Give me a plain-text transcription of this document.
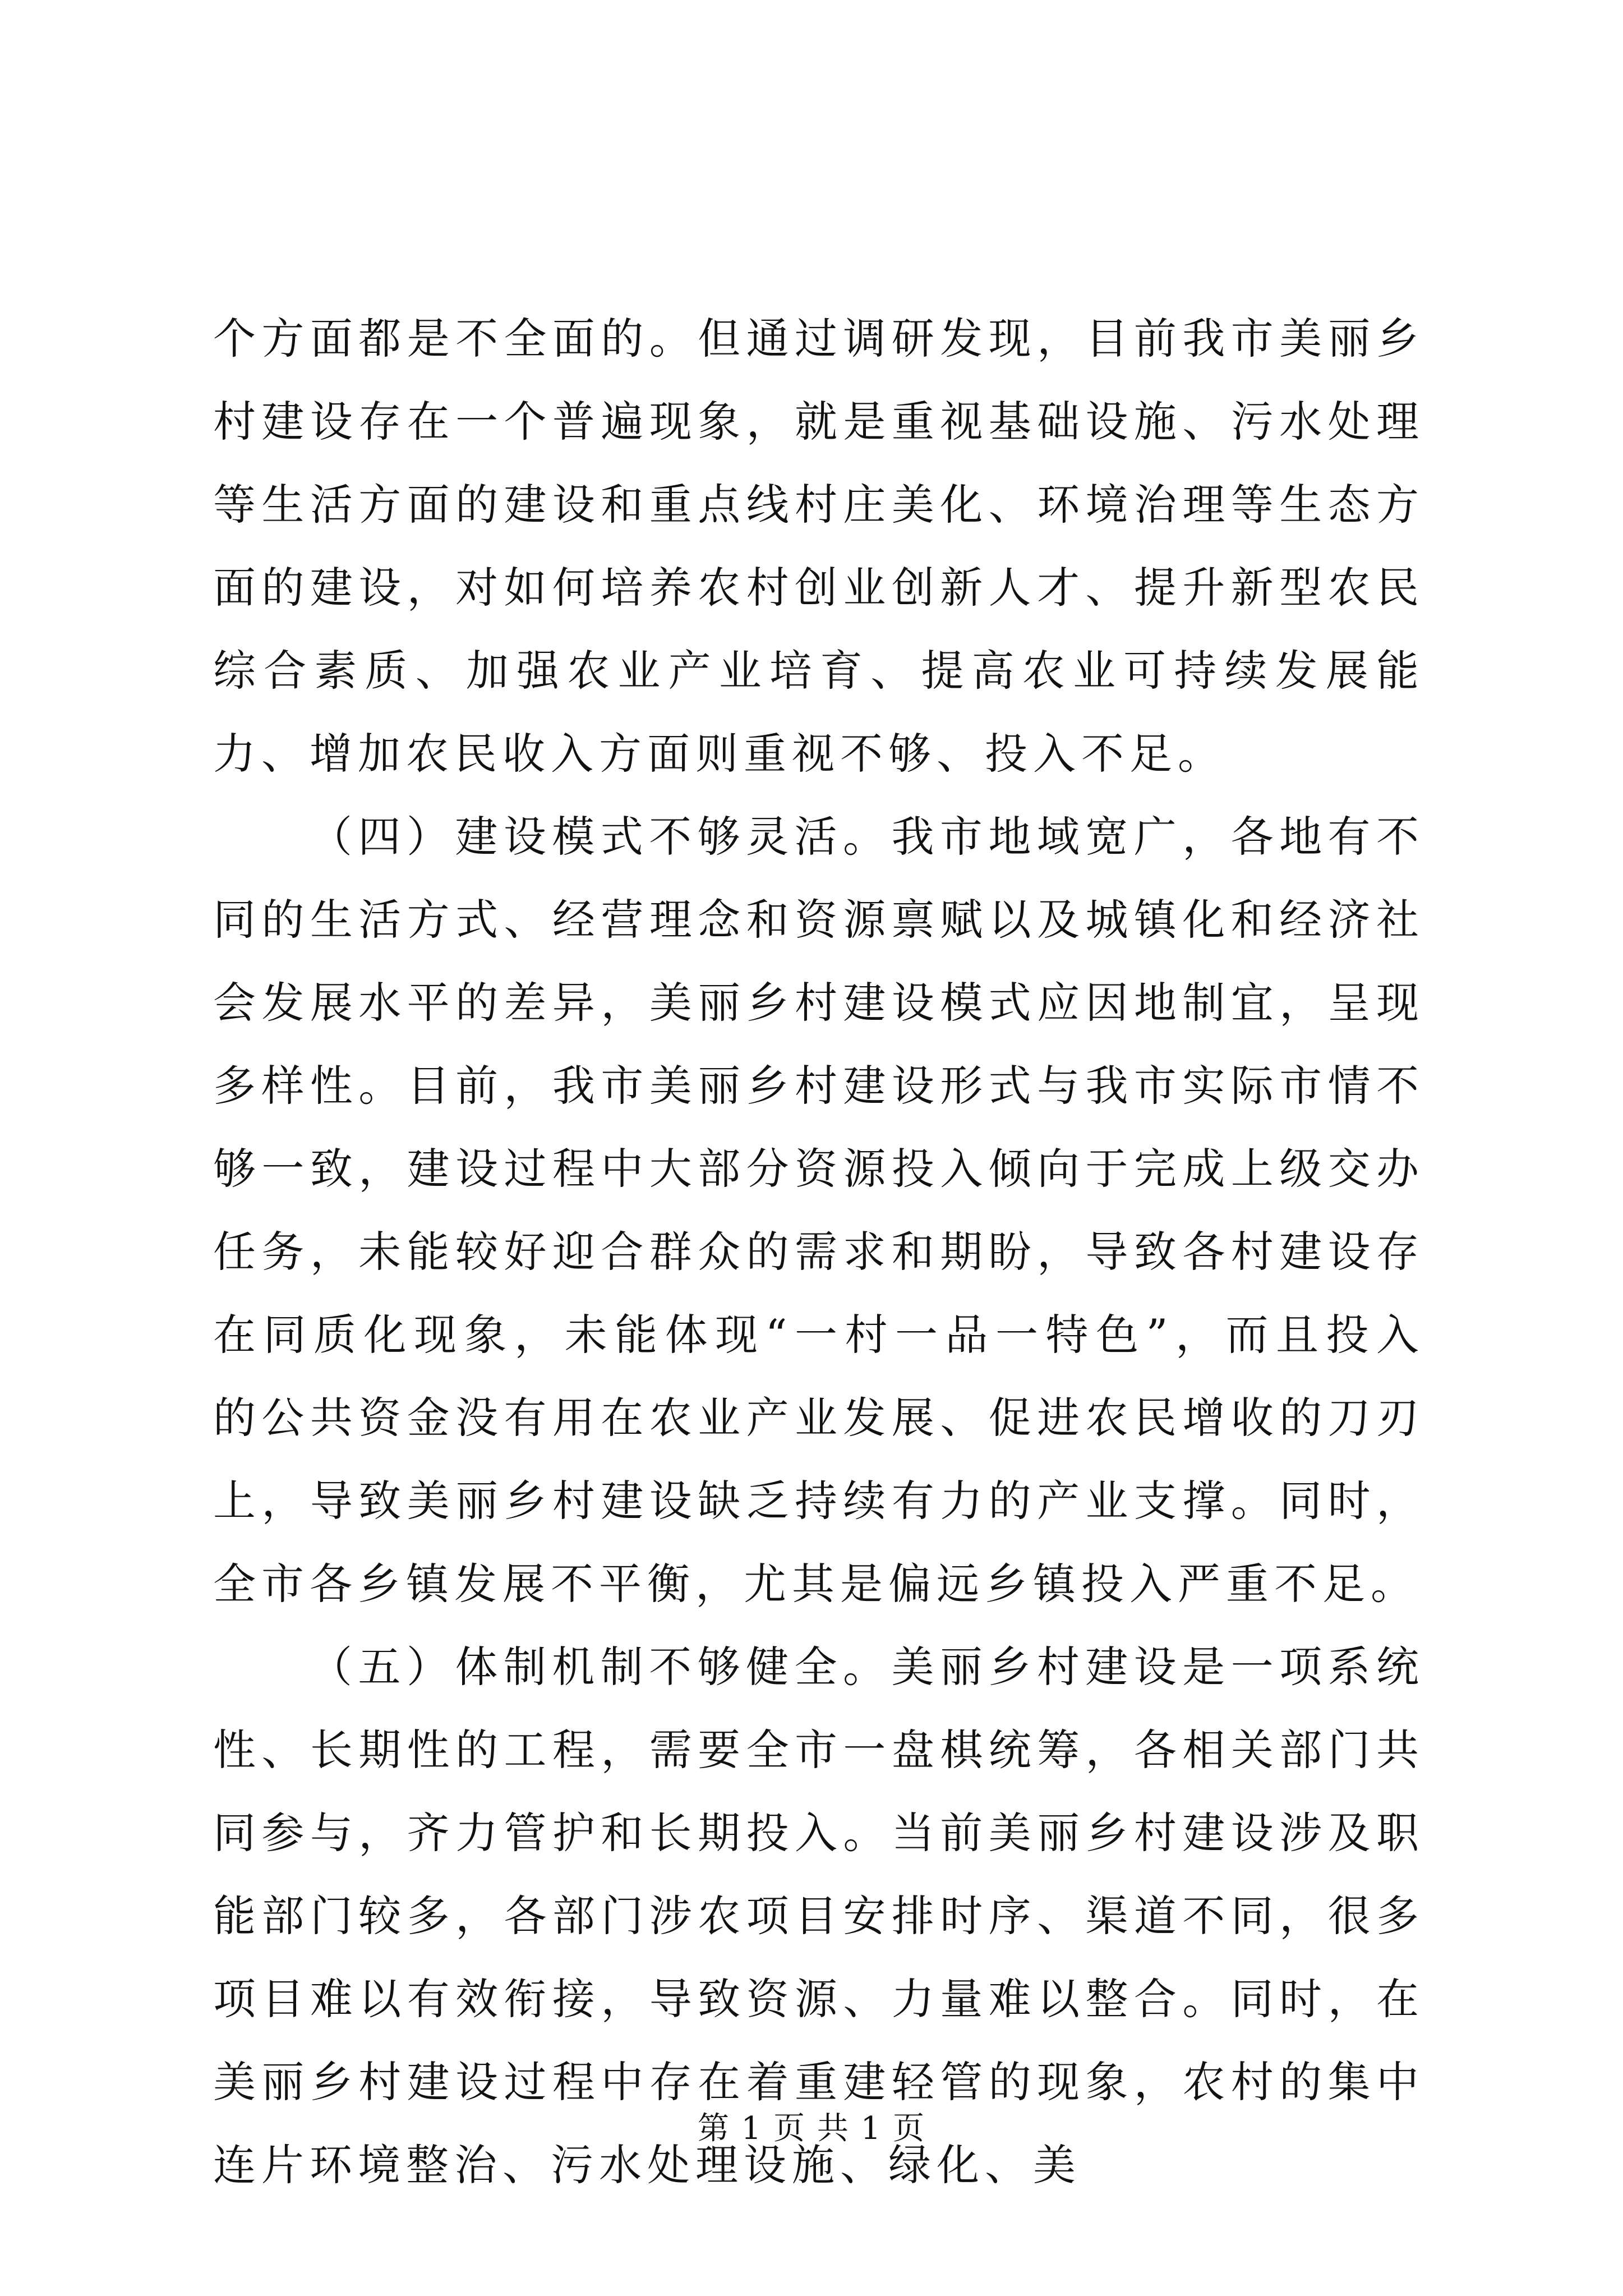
个方面都是不全面的。但通过调研发现，目前我市美丽乡村建设存在一个普遍现象，就是重视基础设施、污水处理等生活方面的建设和重点线村庄美化、环境治理等生态方面的建设，对如何培养农村创业创新人才、提升新型农民综合素质、加强农业产业培育、提高农业可持续发展能力、增加农民收入方面则重视不够、投入不足。

（四）建设模式不够灵活。我市地域宽广，各地有不同的生活方式、经营理念和资源禀赋以及城镇化和经济社会发展水平的差异，美丽乡村建设模式应因地制宜，呈现多样性。目前，我市美丽乡村建设形式与我市实际市情不够一致，建设过程中大部分资源投入倾向于完成上级交办任务，未能较好迎合群众的需求和期盼，导致各村建设存在同质化现象，未能体现“一村一品一特色”，而且投入的公共资金没有用在农业产业发展、促进农民增收的刀刃上，导致美丽乡村建设缺乏持续有力的产业支撑。同时，全市各乡镇发展不平衡，尤其是偏远乡镇投入严重不足。

（五）体制机制不够健全。美丽乡村建设是一项系统性、长期性的工程，需要全市一盘棋统筹，各相关部门共同参与，齐力管护和长期投入。当前美丽乡村建设涉及职能部门较多，各部门涉农项目安排时序、渠道不同，很多项目难以有效衔接，导致资源、力量难以整合。同时，在美丽乡村建设过程中存在着重建轻管的现象，农村的集中连片环境整治、污水处理设施、绿化、美

第 1 页 共 1 页
